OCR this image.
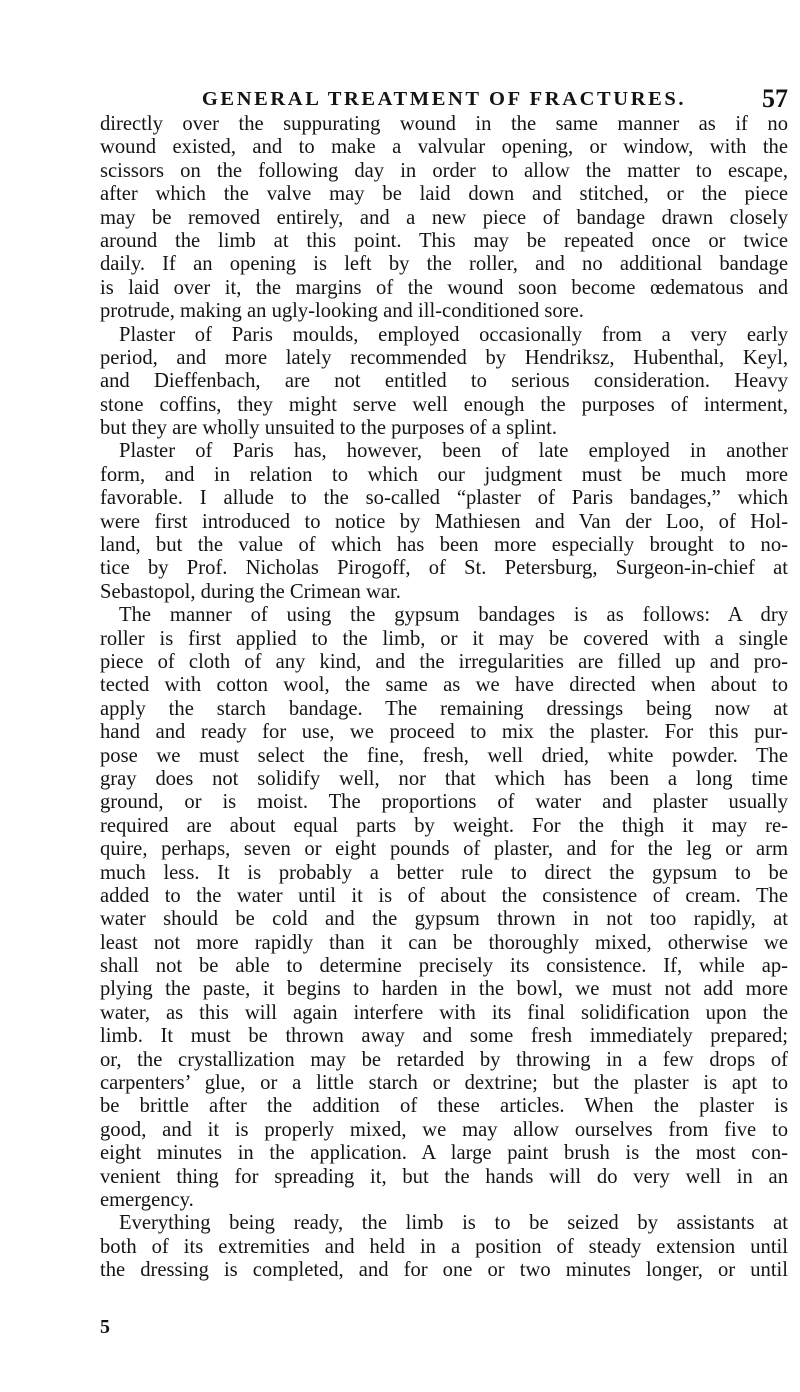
GENERAL TREATMENT OF FRACTURES.	57
directly over the suppurating wound in the same manner as if no
wound existed, and to make a valvular opening, or window, with the
scissors on the following day in order to allow the matter to escape,
after which the valve may be laid down and stitched, or the piece
may be removed entirely, and a new piece of bandage drawn closely
around the limb at this point. This may be repeated once or twice
daily. If an opening is left by the roller, and no additional bandage
is laid over it, the margins of the wound soon become œdematous and
protrude, making an ugly-looking and ill-conditioned sore.
Plaster of Paris moulds, employed occasionally from a very early
period, and more lately recommended by Hendriksz, Hubenthal, Keyl,
and Dieffenbach, are not entitled to serious consideration. Heavy
stone coffins, they might serve well enough the purposes of interment,
but they are wholly unsuited to the purposes of a splint.
Plaster of Paris has, however, been of late employed in another
form, and in relation to which our judgment must be much more
favorable. I allude to the so-called “plaster of Paris bandages,” which
were first introduced to notice by Mathiesen and Van der Loo, of Hol-
land, but the value of which has been more especially brought to no-
tice by Prof. Nicholas Pirogoff, of St. Petersburg, Surgeon-in-chief at
Sebastopol, during the Crimean war.
The manner of using the gypsum bandages is as follows: A dry
roller is first applied to the limb, or it may be covered with a single
piece of cloth of any kind, and the irregularities are filled up and pro-
tected with cotton wool, the same as we have directed when about to
apply the starch bandage. The remaining dressings being now at
hand and ready for use, we proceed to mix the plaster. For this pur-
pose we must select the fine, fresh, well dried, white powder. The
gray does not solidify well, nor that which has been a long time
ground, or is moist. The proportions of water and plaster usually
required are about equal parts by weight. For the thigh it may re-
quire, perhaps, seven or eight pounds of plaster, and for the leg or arm
much less. It is probably a better rule to direct the gypsum to be
added to the water until it is of about the consistence of cream. The
water should be cold and the gypsum thrown in not too rapidly, at
least not more rapidly than it can be thoroughly mixed, otherwise we
shall not be able to determine precisely its consistence. If, while ap-
plying the paste, it begins to harden in the bowl, we must not add more
water, as this will again interfere with its final solidification upon the
limb. It must be thrown away and some fresh immediately prepared;
or, the crystallization may be retarded by throwing in a few drops of
carpenters’ glue, or a little starch or dextrine; but the plaster is apt to
be brittle after the addition of these articles. When the plaster is
good, and it is properly mixed, we may allow ourselves from five to
eight minutes in the application. A large paint brush is the most con-
venient thing for spreading it, but the hands will do very well in an
emergency.
Everything being ready, the limb is to be seized by assistants at
both of its extremities and held in a position of steady extension until
the dressing is completed, and for one or two minutes longer, or until
5
